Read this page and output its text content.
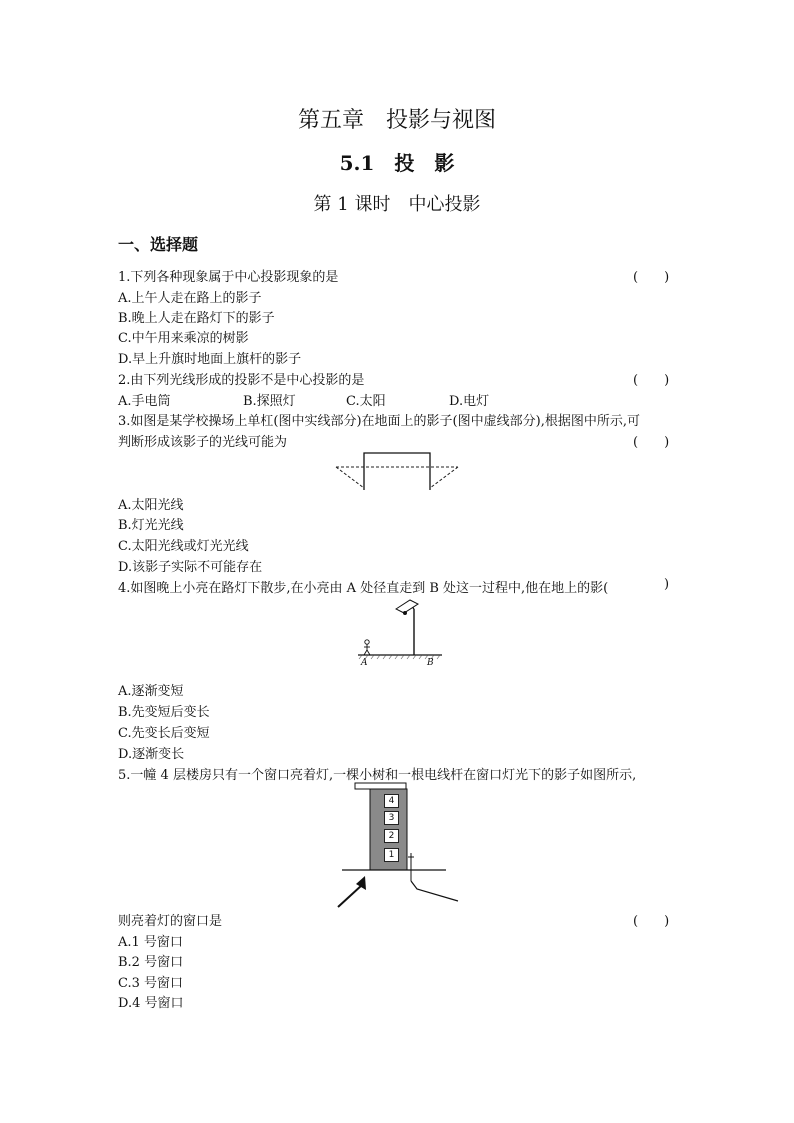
第五章　投影与视图
5.1　投　影
第 1 课时　中心投影
一、选择题
1.下列各种现象属于中心投影现象的是	(　　)
A.上午人走在路上的影子
B.晚上人走在路灯下的影子
C.中午用来乘凉的树影
D.早上升旗时地面上旗杆的影子
2.由下列光线形成的投影不是中心投影的是	(　　)
A.手电筒	B.探照灯	C.太阳	D.电灯
3.如图是某学校操场上单杠(图中实线部分)在地面上的影子(图中虚线部分),根据图中所示,可
判断形成该影子的光线可能为	(　　)
A.太阳光线
B.灯光光线
C.太阳光线或灯光光线
D.该影子实际不可能存在
4.如图晚上小亮在路灯下散步,在小亮由 A 处径直走到 B 处这一过程中,他在地上的影(	)
A	B
A.逐渐变短
B.先变短后变长
C.先变长后变短
D.逐渐变长
5.一幢 4 层楼房只有一个窗口亮着灯,一棵小树和一根电线杆在窗口灯光下的影子如图所示,
4
3
2
1
则亮着灯的窗口是	(　　)
A.1 号窗口
B.2 号窗口
C.3 号窗口
D.4 号窗口
